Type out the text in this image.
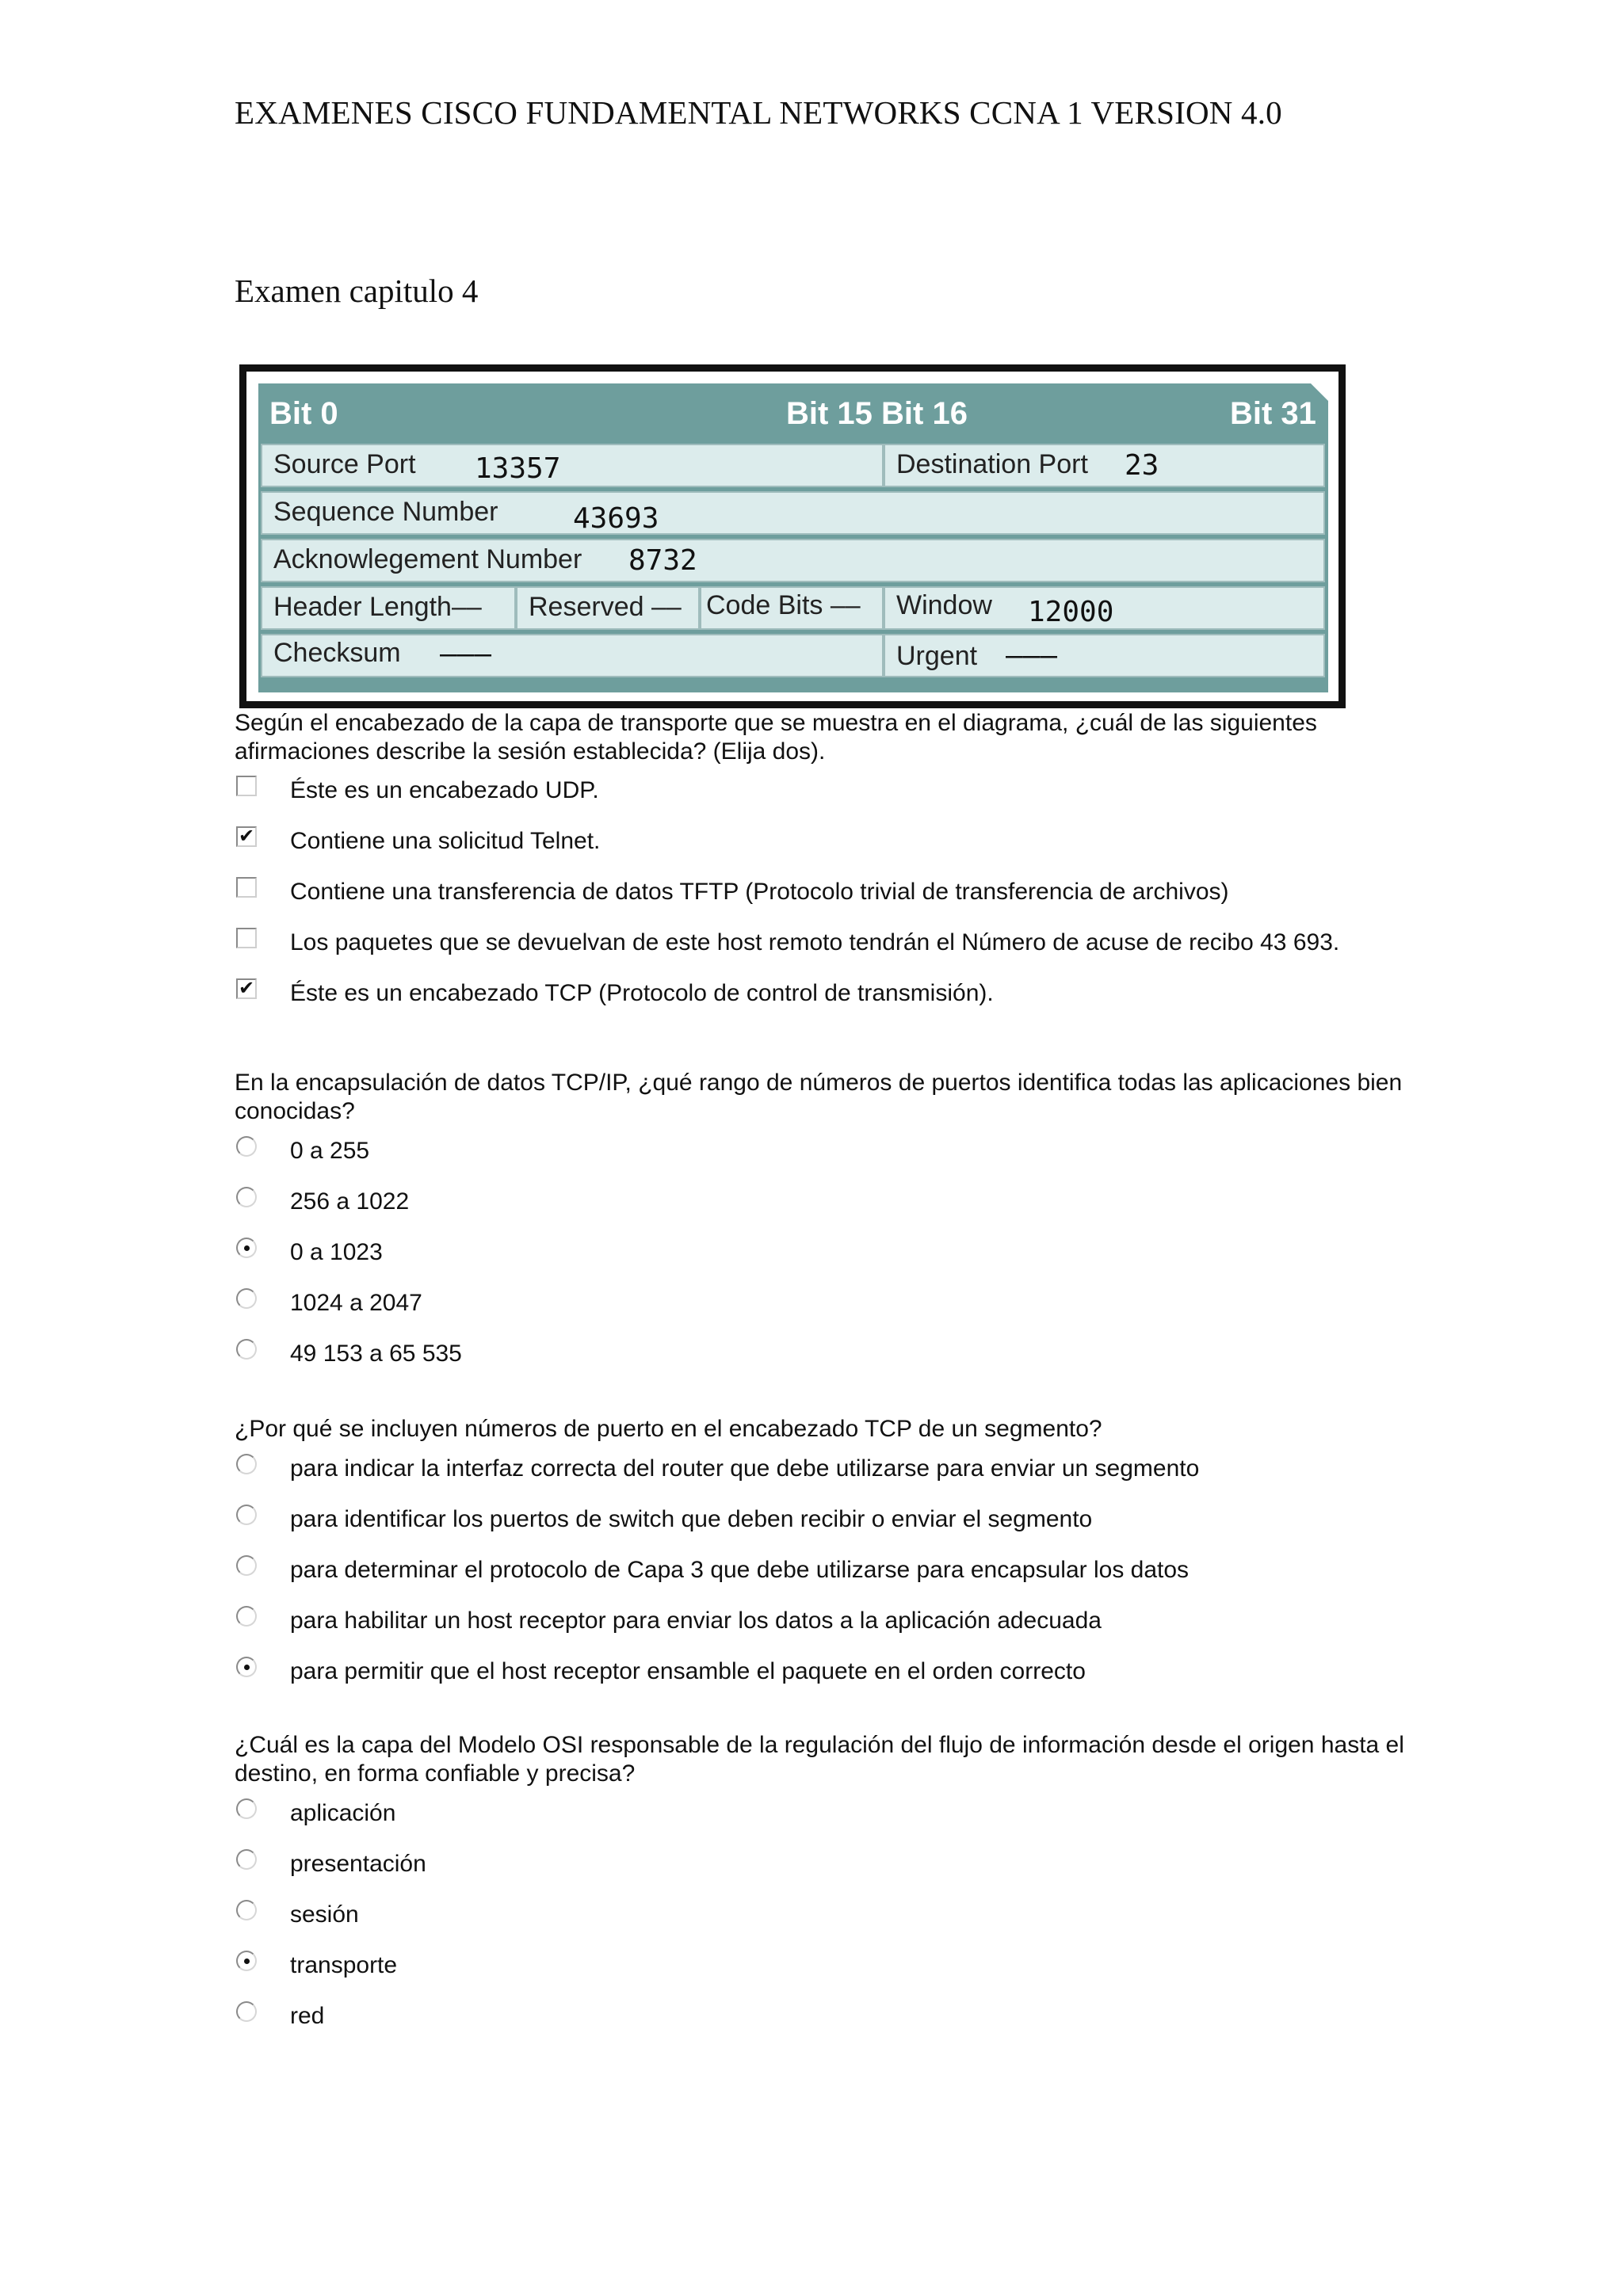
EXAMENES CISCO FUNDAMENTAL NETWORKS CCNA 1 VERSION 4.0
Examen capitulo 4
Bit 0	Bit 15 Bit 16	Bit 31
Source Port 13357	Destination Port 23
Sequence Number	43693
Acknowlegement Number 8732
Header Length–– Reserved –– Code Bits –– Window 12000
Checksum –––	Urgent –––
Según el encabezado de la capa de transporte que se muestra en el diagrama, ¿cuál de las siguientes afirmaciones describe la sesión establecida? (Elija dos).
Éste es un encabezado UDP.
✔ Contiene una solicitud Telnet.
Contiene una transferencia de datos TFTP (Protocolo trivial de transferencia de archivos)
Los paquetes que se devuelvan de este host remoto tendrán el Número de acuse de recibo 43 693.
✔ Éste es un encabezado TCP (Protocolo de control de transmisión).
En la encapsulación de datos TCP/IP, ¿qué rango de números de puertos identifica todas las aplicaciones bien conocidas?
0 a 255
256 a 1022
0 a 1023
1024 a 2047
49 153 a 65 535
¿Por qué se incluyen números de puerto en el encabezado TCP de un segmento?
para indicar la interfaz correcta del router que debe utilizarse para enviar un segmento
para identificar los puertos de switch que deben recibir o enviar el segmento
para determinar el protocolo de Capa 3 que debe utilizarse para encapsular los datos
para habilitar un host receptor para enviar los datos a la aplicación adecuada
para permitir que el host receptor ensamble el paquete en el orden correcto
¿Cuál es la capa del Modelo OSI responsable de la regulación del flujo de información desde el origen hasta el destino, en forma confiable y precisa?
aplicación
presentación
sesión
transporte
red
